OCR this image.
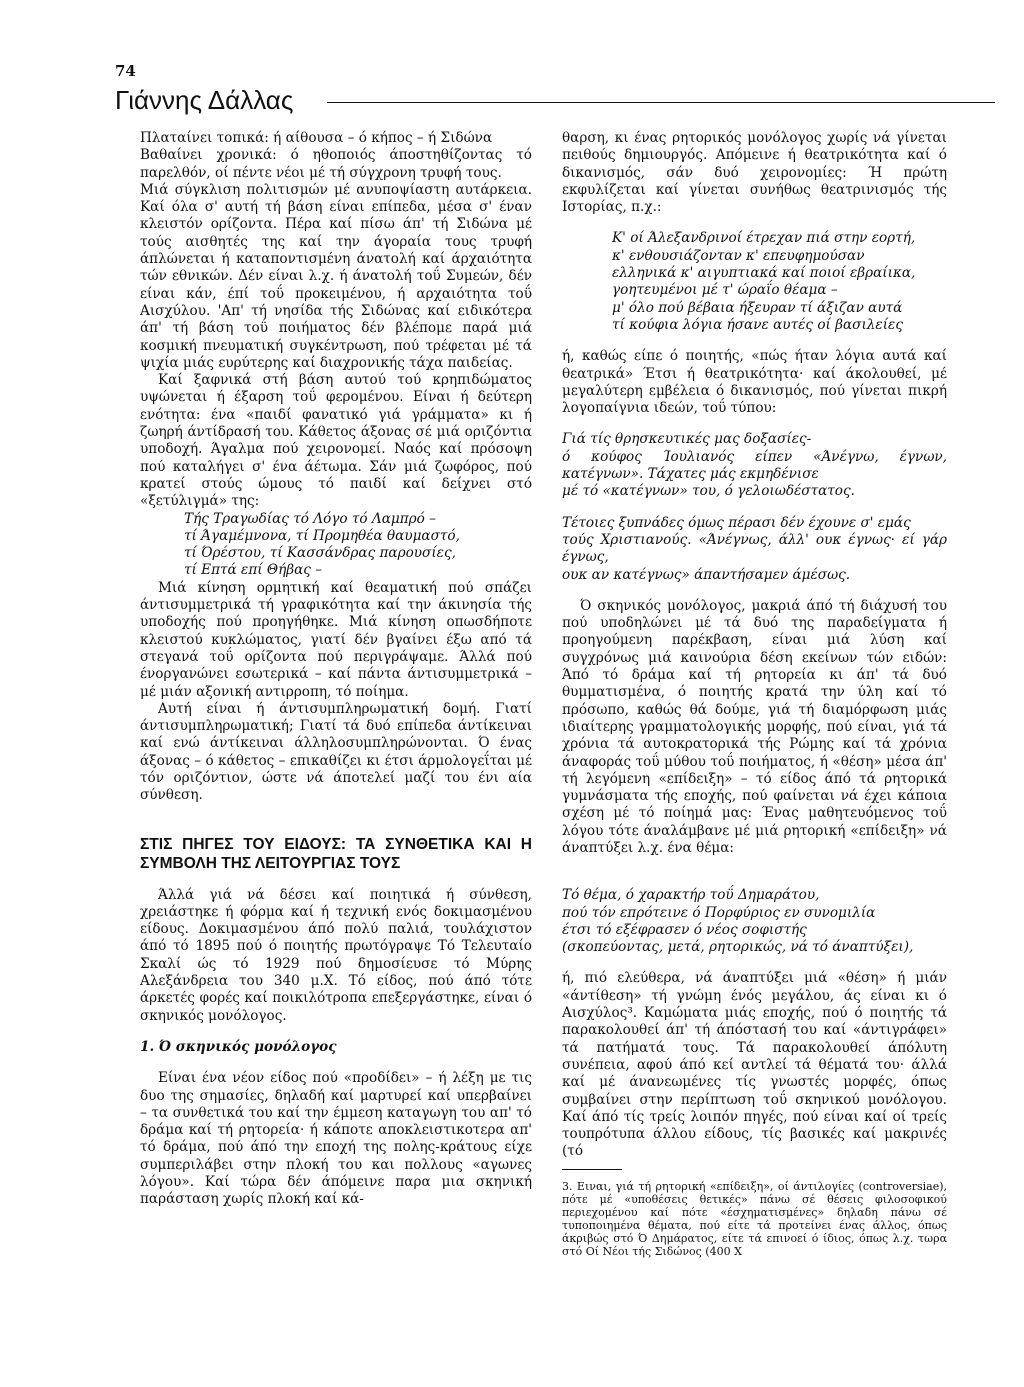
74
Γιάννης Δάλλας

Πλαταίνει τοπικά: ή αίθουσα – ό κήπος – ή Σιδώνα

Βαθαίνει χρονικά: ό ηθοποιός άποστηθίζοντας τό παρελθόν, οί πέντε νέοι μέ τή σύγχρονη τρυφή τους.

Μιά σύγκλιση πολιτισμών μέ ανυποψίαστη αυτάρκεια. Καί όλα σ' αυτή τή βάση είναι επίπεδα, μέσα σ' έναν κλειστόν ορίζοντα. Πέρα καί πίσω άπ' τή Σιδώνα μέ τούς αισθητές της καί την άγοραία τους τρυφή άπλώνεται ή καταποντισμένη άνατολή καί άρχαιότητα τών εθνικών. Δέν είναι λ.χ. ή άνατολή τοΰ Συμεών, δέν είναι κάν, έπί τοΰ προκειμένου, ή αρχαιότητα τοΰ Αισχύλου. 'Απ' τή νησίδα τής Σιδώνας καί ειδικότερα άπ' τή βάση τοΰ ποιήματος δέν βλέπομε παρά μιά κοσμική πνευματική συγκέντρωση, πού τρέφεται μέ τά ψιχία μιάς ευρύτερης καί διαχρονικής τάχα παιδείας.

Καί ξαφνικά στή βάση αυτού τού κρηπιδώματος υψώνεται ή έξαρση τοΰ φερομένου. Είναι ή δεύτερη ενότητα: ένα «παιδί φανατικό γιά γράμματα» κι ή ζωηρή άντίδρασή του. Κάθετος άξονας σέ μιά οριζόντια υποδοχή. Άγαλμα πού χειρονομεί. Ναός καί πρόσοψη πού καταλήγει σ' ένα άέτωμα. Σάν μιά ζωφόρος, πού κρατεί στούς ώμους τό παιδί καί δείχνει στό «ξετύλιγμά» της:

Τής Τραγωδίας τό Λόγο τό Λαμπρό –
τί Άγαμέμνονα, τί Προμηθέα θαυμαστό,
τί Όρέστου, τί Κασσάνδρας παρουσίες,
τί Επτά επί Θήβας –

Μιά κίνηση ορμητική καί θεαματική πού σπάζει άντισυμμετρικά τή γραφικότητα καί την άκινησία τής υποδοχής πού προηγήθηκε. Μιά κίνηση οπωσδήποτε κλειστού κυκλώματος, γιατί δέν βγαίνει έξω από τά στεγανά τοΰ ορίζοντα πού περιγράψαμε. Άλλά πού ένοργανώνει εσωτερικά – καί πάντα άντισυμμετρικά – μέ μιάν αξονική αντιρροπη, τό ποίημα.

Αυτή είναι ή άντισυμπληρωματική δομή. Γιατί άντισυμπληρωματική; Γιατί τά δυό επίπεδα άντίκειναι καί ενώ άντίκειναι άλληλοσυμπληρώνονται. Ό ένας άξονας – ό κάθετος – επικαθίζει κι έτσι άρμολογεΐται μέ τόν οριζόντιον, ώστε νά άποτελεί μαζί του ένι αία σύνθεση.

ΣΤΙΣ ΠΗΓΕΣ ΤΟΥ ΕΙΔΟΥΣ: ΤΑ ΣΥΝΘΕΤΙΚΑ ΚΑΙ Η ΣΥΜΒΟΛΗ ΤΗΣ ΛΕΙΤΟΥΡΓΙΑΣ ΤΟΥΣ

Άλλά γιά νά δέσει καί ποιητικά ή σύνθεση, χρειάστηκε ή φόρμα καί ή τεχνική ενός δοκιμασμένου είδους. Δοκιμασμένου άπό πολύ παλιά, τουλάχιστον άπό τό 1895 πού ό ποιητής πρωτόγραψε Τό Τελευταίο Σκαλί ώς τό 1929 πού δημοσίευσε τό Μύρης Αλεξάνδρεια του 340 μ.Χ. Τό είδος, πού άπό τότε άρκετές φορές καί ποικιλότροπα επεξεργάστηκε, είναι ό σκηνικός μονόλογος.

1. Ό σκηνικός μονόλογος

Είναι ένα νέον είδος πού «προδίδει» – ή λέξη με τις δυο της σημασίες, δηλαδή καί μαρτυρεί καί υπερβαίνει – τα συνθετικά του καί την έμμεση καταγωγη του απ' τό δράμα καί τή ρητορεία· ή κάποτε αποκλειστικοτερα απ' τό δράμα, πού άπό την εποχή της πολης-κράτους είχε συμπεριλάβει στην πλοκή του και πολλους «αγωνες λόγου». Καί τώρα δέν άπόμεινε παρα μια σκηνική παράσταση χωρίς πλοκή καί κά-

θαρση, κι ένας ρητορικός μονόλογος χωρίς νά γίνεται πειθούς δημιουργός. Απόμεινε ή θεατρικότητα καί ό δικανισμός, σάν δυό χειρονομίες: Ή πρώτη εκφυλίζεται καί γίνεται συνήθως θεατρινισμός τής Ιστορίας, π.χ.:

Κ' οί Άλεξανδρινοί έτρεχαν πιά στην εορτή,
κ' ενθουσιάζονταν κ' επευφημούσαν
ελληνικά κ' αιγυπτιακά καί ποιοί εβραίικα,
γοητευμένοι μέ τ' ώραΐο θέαμα –
μ' όλο πού βέβαια ήξευραν τί άξιζαν αυτά
τί κούφια λόγια ήσανε αυτές οί βασιλείες

ή, καθώς είπε ό ποιητής, «πώς ήταν λόγια αυτά καί θεατρικά» Έτσι ή θεατρικότητα· καί άκολουθεί, μέ μεγαλύτερη εμβέλεια ό δικανισμός, πού γίνεται πικρή λογοπαίγνια ιδεών, τοΰ τύπου:

Γιά τίς θρησκευτικές μας δοξασίες-

ό κούφος Ίουλιανός είπεν «Άνέγνω, έγνων, κατέγνων». Τάχατες μάς εκμηδένισε

μέ τό «κατέγνων» του, ό γελοιωδέστατος.

Τέτοιες ξυπνάδες όμως πέρασι δέν έχουνε σ' εμάς

τούς Χριστιανούς. «Άνέγνως, άλλ' ουκ έγνως· εί γάρ έγνως,

ουκ αν κατέγνως» άπαντήσαμεν άμέσως.

Ό σκηνικός μονόλογος, μακριά άπό τή διάχυσή του πού υποδηλώνει μέ τά δυό της παραδείγματα ή προηγούμενη παρέκβαση, είναι μιά λύση καί συγχρόνως μιά καινούρια δέση εκείνων τών ειδών: Άπό τό δράμα καί τή ρητορεία κι άπ' τά δυό θυμματισμένα, ό ποιητής κρατά την ύλη καί τό πρόσωπο, καθώς θά δούμε, γιά τή διαμόρφωση μιάς ιδιαίτερης γραμματολογικής μορφής, πού είναι, γιά τά χρόνια τά αυτοκρατορικά τής Ρώμης καί τά χρόνια άναφοράς τοΰ μύθου τοΰ ποιήματος, ή «θέση» μέσα άπ' τή λεγόμενη «επίδειξη» – τό είδος άπό τά ρητορικά γυμνάσματα τής εποχής, πού φαίνεται νά έχει κάποια σχέση μέ τό ποίημά μας: Ένας μαθητευόμενος τοΰ λόγου τότε άναλάμβανε μέ μιά ρητορική «επίδειξη» νά άναπτύξει λ.χ. ένα θέμα:

Τό θέμα, ό χαρακτήρ τοΰ Δημαράτου,
πού τόν επρότεινε ό Πορφύριος εν συνομιλία
έτσι τό εξέφρασεν ό νέος σοφιστής
(σκοπεύοντας, μετά, ρητορικώς, νά τό άναπτύξει),

ή, πιό ελεύθερα, νά άναπτύξει μιά «θέση» ή μιάν «άντίθεση» τή γνώμη ένός μεγάλου, άς είναι κι ό Αισχύλος³. Καμώματα μιάς εποχής, πού ό ποιητής τά παρακολουθεί άπ' τή άπόστασή του καί «άντιγράφει» τά πατήματά τους. Τά παρακολουθεί άπόλυτη συνέπεια, αφού άπό κεί αντλεί τά θέματά του· άλλά καί μέ άνανεωμένες τίς γνωστές μορφές, όπως συμβαίνει στην περίπτωση τοΰ σκηνικού μονόλογου. Καί άπό τίς τρείς λοιπόν πηγές, πού είναι καί οί τρείς τουπρότυπα άλλου είδους, τίς βασικές καί μακρινές (τό

3. Ειναι, γιά τή ρητορική «επίδειξη», οί άντιλογίες (controversiae), πότε μέ «υποθέσεις θετικές» πάνω σέ θέσεις φιλοσοφικού περιεχομένου καί πότε «έσχηματισμένες» δηλαδη πάνω σέ τυποποιημένα θέματα, πού είτε τά προτείνει ένας άλλος, όπως άκριβώς στό Ό Δημάρατος, είτε τά επινοεί ό ίδιος, όπως λ.χ. τωρα στό Οί Νέοι τής Σιδώνος (400 Χ
